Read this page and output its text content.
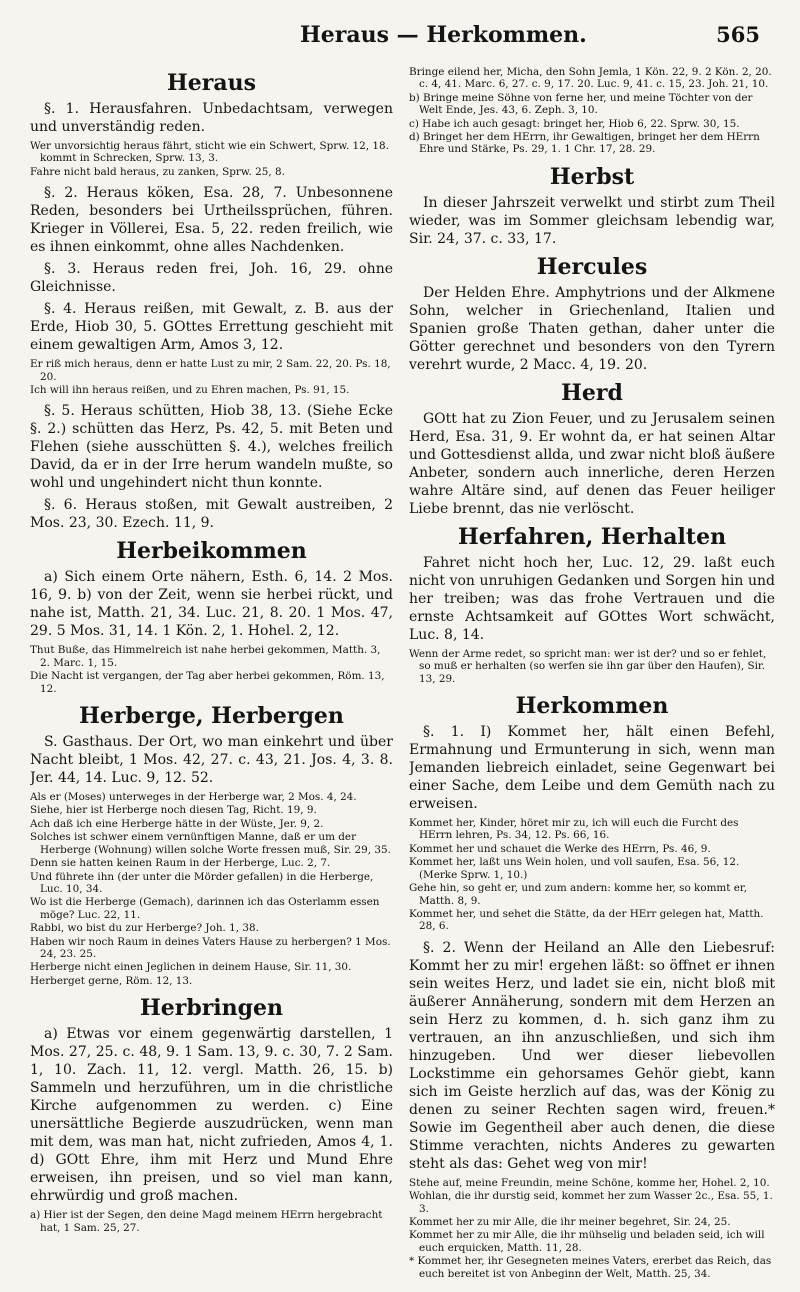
Heraus — Herkommen.	565
Heraus

§. 1. Herausfahren. Unbedachtsam, verwegen und unverständig reden.

Wer unvorsichtig heraus fährt, sticht wie ein Schwert, Sprw. 12, 18. kommt in Schrecken, Sprw. 13, 3.
Fahre nicht bald heraus, zu zanken, Sprw. 25, 8.

§. 2. Heraus köken, Esa. 28, 7. Unbesonnene Reden, besonders bei Urtheilssprüchen, führen. Krieger in Völlerei, Esa. 5, 22. reden freilich, wie es ihnen einkommt, ohne alles Nachdenken.

§. 3. Heraus reden frei, Joh. 16, 29. ohne Gleichnisse.

§. 4. Heraus reißen, mit Gewalt, z. B. aus der Erde, Hiob 30, 5. GOttes Errettung geschieht mit einem gewaltigen Arm, Amos 3, 12.

Er riß mich heraus, denn er hatte Lust zu mir, 2 Sam. 22, 20. Ps. 18, 20.
Ich will ihn heraus reißen, und zu Ehren machen, Ps. 91, 15.

§. 5. Heraus schütten, Hiob 38, 13. (Siehe Ecke §. 2.) schütten das Herz, Ps. 42, 5. mit Beten und Flehen (siehe ausschütten §. 4.), welches freilich David, da er in der Irre herum wandeln mußte, so wohl und ungehindert nicht thun konnte.

§. 6. Heraus stoßen, mit Gewalt austreiben, 2 Mos. 23, 30. Ezech. 11, 9.

Herbeikommen

a) Sich einem Orte nähern, Esth. 6, 14. 2 Mos. 16, 9. b) von der Zeit, wenn sie herbei rückt, und nahe ist, Matth. 21, 34. Luc. 21, 8. 20. 1 Mos. 47, 29. 5 Mos. 31, 14. 1 Kön. 2, 1. Hohel. 2, 12.

Thut Buße, das Himmelreich ist nahe herbei gekommen, Matth. 3, 2. Marc. 1, 15.
Die Nacht ist vergangen, der Tag aber herbei gekommen, Röm. 13, 12.
Herberge, Herbergen

S. Gasthaus. Der Ort, wo man einkehrt und über Nacht bleibt, 1 Mos. 42, 27. c. 43, 21. Jos. 4, 3. 8. Jer. 44, 14. Luc. 9, 12. 52.

Als er (Moses) unterweges in der Herberge war, 2 Mos. 4, 24.
Siehe, hier ist Herberge noch diesen Tag, Richt. 19, 9.
Ach daß ich eine Herberge hätte in der Wüste, Jer. 9, 2.
Solches ist schwer einem vernünftigen Manne, daß er um der Herberge (Wohnung) willen solche Worte fressen muß, Sir. 29, 35.
Denn sie hatten keinen Raum in der Herberge, Luc. 2, 7.
Und führete ihn (der unter die Mörder gefallen) in die Herberge, Luc. 10, 34.
Wo ist die Herberge (Gemach), darinnen ich das Osterlamm essen möge? Luc. 22, 11.
Rabbi, wo bist du zur Herberge? Joh. 1, 38.
Haben wir noch Raum in deines Vaters Hause zu herbergen? 1 Mos. 24, 23. 25.
Herberge nicht einen Jeglichen in deinem Hause, Sir. 11, 30.
Herberget gerne, Röm. 12, 13.
Herbringen

a) Etwas vor einem gegenwärtig darstellen, 1 Mos. 27, 25. c. 48, 9. 1 Sam. 13, 9. c. 30, 7. 2 Sam. 1, 10. Zach. 11, 12. vergl. Matth. 26, 15. b) Sammeln und herzuführen, um in die christliche Kirche aufgenommen zu werden. c) Eine unersättliche Begierde auszudrücken, wenn man mit dem, was man hat, nicht zufrieden, Amos 4, 1. d) GOtt Ehre, ihm mit Herz und Mund Ehre erweisen, ihn preisen, und so viel man kann, ehrwürdig und groß machen.

a) Hier ist der Segen, den deine Magd meinem HErrn hergebracht hat, 1 Sam. 25, 27.
Bringe eilend her, Micha, den Sohn Jemla, 1 Kön. 22, 9. 2 Kön. 2, 20. c. 4, 41. Marc. 6, 27. c. 9, 17. 20. Luc. 9, 41. c. 15, 23. Joh. 21, 10.
b) Bringe meine Söhne von ferne her, und meine Töchter von der Welt Ende, Jes. 43, 6. Zeph. 3, 10.
c) Habe ich auch gesagt: bringet her, Hiob 6, 22. Sprw. 30, 15.
d) Bringet her dem HErrn, ihr Gewaltigen, bringet her dem HErrn Ehre und Stärke, Ps. 29, 1. 1 Chr. 17, 28. 29.
Herbst

In dieser Jahrszeit verwelkt und stirbt zum Theil wieder, was im Sommer gleichsam lebendig war, Sir. 24, 37. c. 33, 17.

Hercules

Der Helden Ehre. Amphytrions und der Alkmene Sohn, welcher in Griechenland, Italien und Spanien große Thaten gethan, daher unter die Götter gerechnet und besonders von den Tyrern verehrt wurde, 2 Macc. 4, 19. 20.

Herd

GOtt hat zu Zion Feuer, und zu Jerusalem seinen Herd, Esa. 31, 9. Er wohnt da, er hat seinen Altar und Gottesdienst allda, und zwar nicht bloß äußere Anbeter, sondern auch innerliche, deren Herzen wahre Altäre sind, auf denen das Feuer heiliger Liebe brennt, das nie verlöscht.

Herfahren, Herhalten

Fahret nicht hoch her, Luc. 12, 29. laßt euch nicht von unruhigen Gedanken und Sorgen hin und her treiben; was das frohe Vertrauen und die ernste Achtsamkeit auf GOttes Wort schwächt, Luc. 8, 14.

Wenn der Arme redet, so spricht man: wer ist der? und so er fehlet, so muß er herhalten (so werfen sie ihn gar über den Haufen), Sir. 13, 29.
Herkommen

§. 1. I) Kommet her, hält einen Befehl, Ermahnung und Ermunterung in sich, wenn man Jemanden liebreich einladet, seine Gegenwart bei einer Sache, dem Leibe und dem Gemüth nach zu erweisen.

Kommet her, Kinder, höret mir zu, ich will euch die Furcht des HErrn lehren, Ps. 34, 12. Ps. 66, 16.
Kommet her und schauet die Werke des HErrn, Ps. 46, 9.
Kommet her, laßt uns Wein holen, und voll saufen, Esa. 56, 12. (Merke Sprw. 1, 10.)
Gehe hin, so geht er, und zum andern: komme her, so kommt er, Matth. 8, 9.
Kommet her, und sehet die Stätte, da der HErr gelegen hat, Matth. 28, 6.

§. 2. Wenn der Heiland an Alle den Liebesruf: Kommt her zu mir! ergehen läßt: so öffnet er ihnen sein weites Herz, und ladet sie ein, nicht bloß mit äußerer Annäherung, sondern mit dem Herzen an sein Herz zu kommen, d. h. sich ganz ihm zu vertrauen, an ihn anzuschließen, und sich ihm hinzugeben. Und wer dieser liebevollen Lockstimme ein gehorsames Gehör giebt, kann sich im Geiste herzlich auf das, was der König zu denen zu seiner Rechten sagen wird, freuen.* Sowie im Gegentheil aber auch denen, die diese Stimme verachten, nichts Anderes zu gewarten steht als das: Gehet weg von mir!

Stehe auf, meine Freundin, meine Schöne, komme her, Hohel. 2, 10.
Wohlan, die ihr durstig seid, kommet her zum Wasser 2c., Esa. 55, 1. 3.
Kommet her zu mir Alle, die ihr meiner begehret, Sir. 24, 25.
Kommet her zu mir Alle, die ihr mühselig und beladen seid, ich will euch erquicken, Matth. 11, 28.
* Kommet her, ihr Gesegneten meines Vaters, ererbet das Reich, das euch bereitet ist von Anbeginn der Welt, Matth. 25, 34.
